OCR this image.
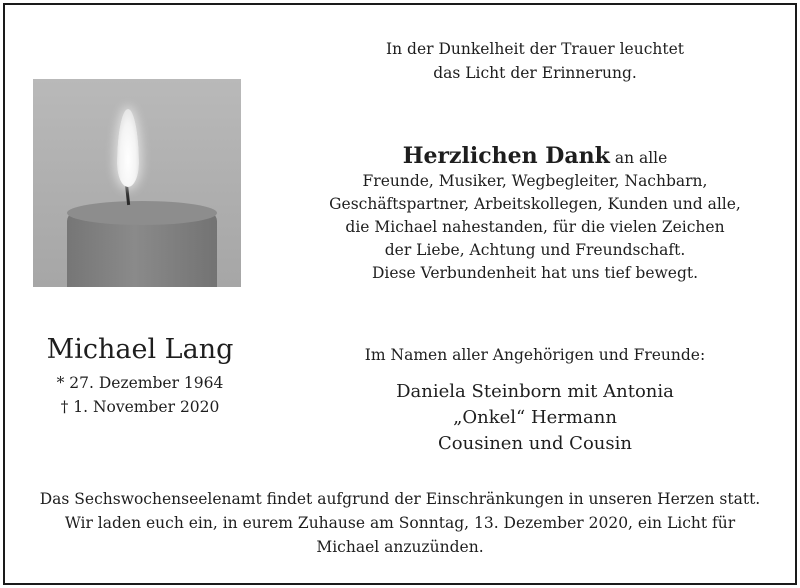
In der Dunkelheit der Trauer leuchtet
das Licht der Erinnerung.
Herzlichen Dank an alle
Freunde, Musiker, Wegbegleiter, Nachbarn,
Geschäftspartner, Arbeitskollegen, Kunden und alle,
die Michael nahestanden, für die vielen Zeichen
der Liebe, Achtung und Freundschaft.
Diese Verbundenheit hat uns tief bewegt.
Michael Lang
* 27. Dezember 1964
† 1. November 2020
Im Namen aller Angehörigen und Freunde:
Daniela Steinborn mit Antonia
„Onkel“ Hermann
Cousinen und Cousin
Das Sechswochenseelenamt findet aufgrund der Einschränkungen in unseren Herzen statt.
Wir laden euch ein, in eurem Zuhause am Sonntag, 13. Dezember 2020, ein Licht für
Michael anzuzünden.
